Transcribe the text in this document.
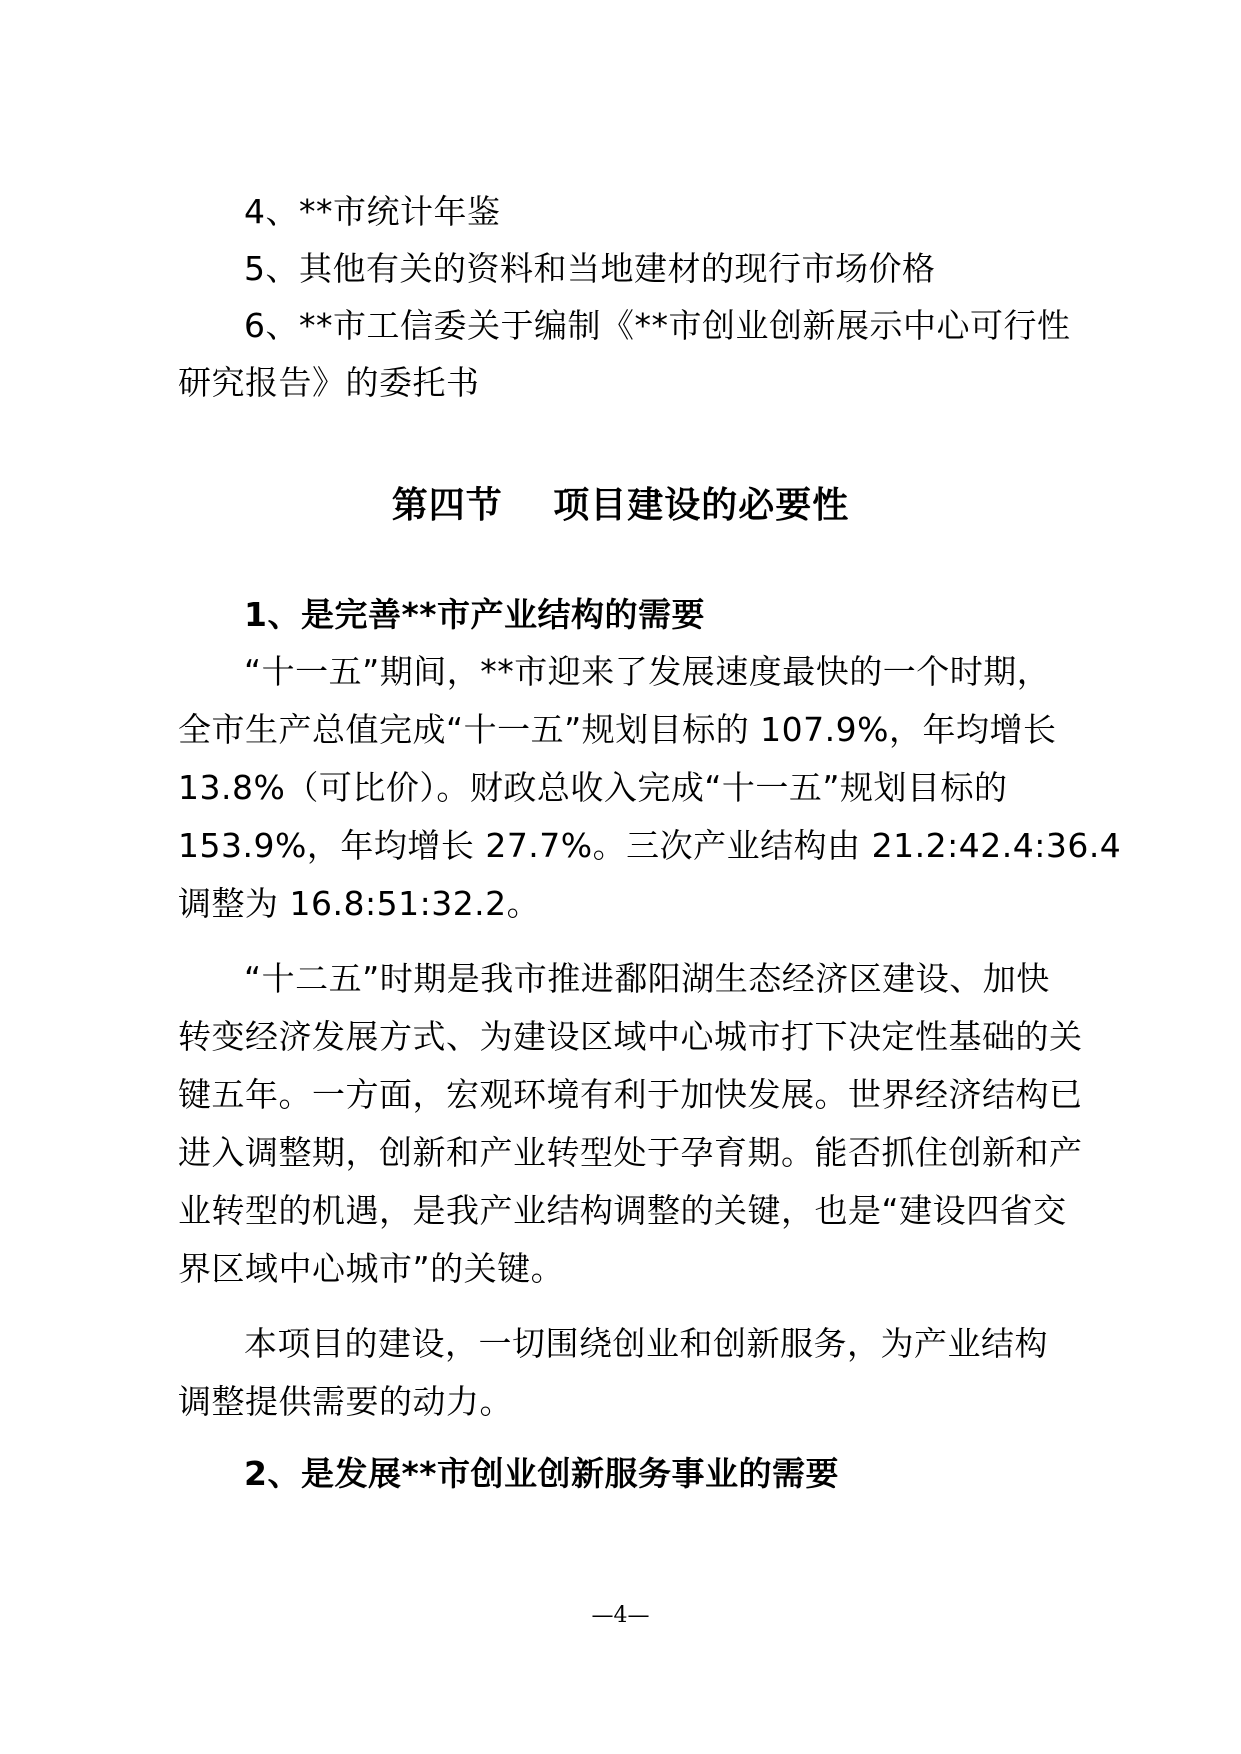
4、**市统计年鉴
5、其他有关的资料和当地建材的现行市场价格
6、**市工信委关于编制《**市创业创新展示中心可行性
研究报告》的委托书
第四节　 项目建设的必要性
1、是完善**市产业结构的需要
“十一五”期间，**市迎来了发展速度最快的一个时期，
全市生产总值完成“十一五”规划目标的 107.9%，年均增长
13.8%（可比价）。财政总收入完成“十一五”规划目标的
153.9%，年均增长 27.7%。三次产业结构由 21.2:42.4:36.4
调整为 16.8:51:32.2。
“十二五”时期是我市推进鄱阳湖生态经济区建设、加快
转变经济发展方式、为建设区域中心城市打下决定性基础的关
键五年。一方面，宏观环境有利于加快发展。世界经济结构已
进入调整期，创新和产业转型处于孕育期。能否抓住创新和产
业转型的机遇，是我产业结构调整的关键，也是“建设四省交
界区域中心城市”的关键。
本项目的建设，一切围绕创业和创新服务，为产业结构
调整提供需要的动力。
2、是发展**市创业创新服务事业的需要
—4—
